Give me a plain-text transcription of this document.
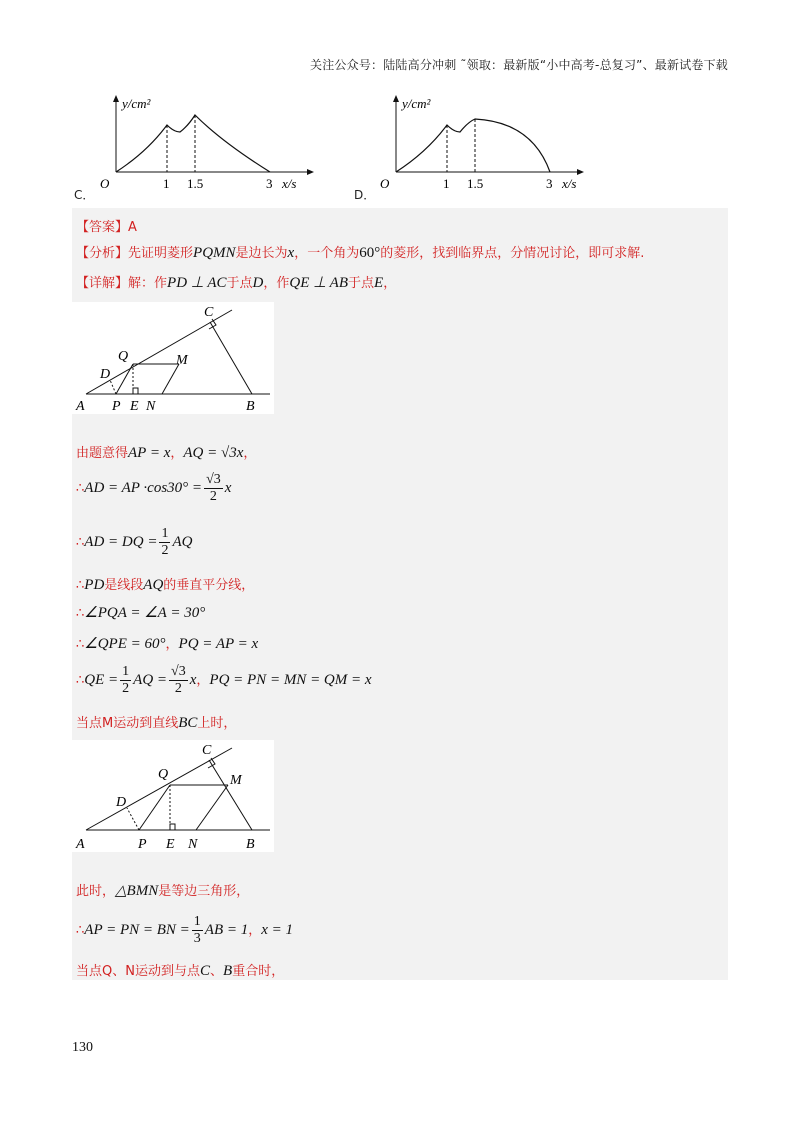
关注公众号：陆陆高分冲刺 ˜领取：最新版“小中高考-总复习”、最新试卷下载
y/cm²
O	1 1.5	3 x/s
C．
y/cm²
O	1 1.5	3 x/s
D．
【答案】A
【分析】先证明菱形PQMN是边长为x，一个角为60°的菱形，找到临界点，分情况讨论，即可求解.
【详解】解：作PD ⊥ AC于点D，作QE ⊥ AB于点E，
C
Q	M
D
A P E N	B
由题意得AP = x，AQ = √3x，
∴AD = AP $\cdot\cos 30^\circ = \frac{√3}{2}$ x
∴AD = DQ = $\frac{1}{2}$ AQ
∴PD是线段AQ的垂直平分线，
∴∠PQA = ∠A = 30°
∴∠QPE = 60°，PQ = AP = x
∴QE = $\frac{1}{2}$ AQ = $\frac{√3}{2}$ x，PQ = PN = MN = QM = x
当点M运动到直线BC上时，
C
Q	M
D
A	P E N	B
此时，△BMN是等边三角形，
∴AP = PN = BN = $\frac{1}{3}$ AB = 1，x = 1
当点Q、N运动到与点C、B重合时，
130
